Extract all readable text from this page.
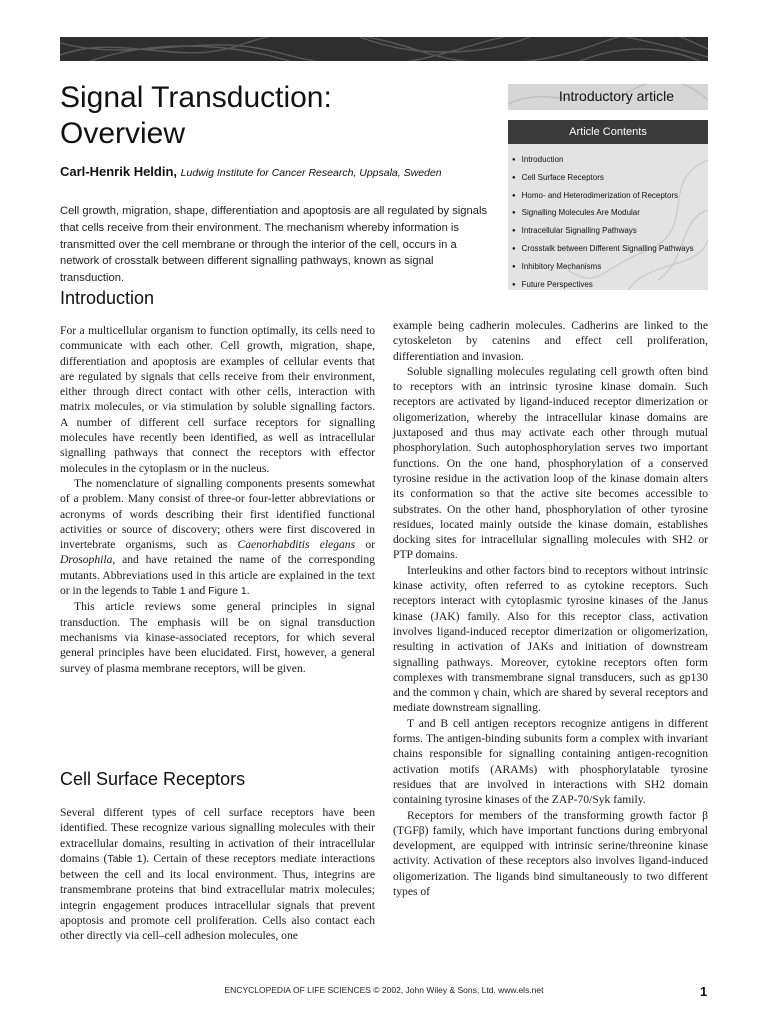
Signal Transduction:
Overview
Carl-Henrik Heldin, Ludwig Institute for Cancer Research, Uppsala, Sweden

Cell growth, migration, shape, differentiation and apoptosis are all regulated by signals that cells receive from their environment. The mechanism whereby information is transmitted over the cell membrane or through the interior of the cell, occurs in a network of crosstalk between different signalling pathways, known as signal transduction.

Introductory article
Article Contents
● Introduction
● Cell Surface Receptors
● Homo- and Heterodimerization of Receptors
● Signalling Molecules Are Modular
● Intracellular Signalling Pathways
● Crosstalk between Different Signalling Pathways
● Inhibitory Mechanisms
● Future Perspectives
Introduction

For a multicellular organism to function optimally, its cells need to communicate with each other. Cell growth, migration, shape, differentiation and apoptosis are examples of cellular events that are regulated by signals that cells receive from their environment, either through direct contact with other cells, interaction with matrix molecules, or via stimulation by soluble signalling factors. A number of different cell surface receptors for signalling molecules have recently been identified, as well as intracellular signalling pathways that connect the receptors with effector molecules in the cytoplasm or in the nucleus.

The nomenclature of signalling components presents somewhat of a problem. Many consist of three-or four-letter abbreviations or acronyms of words describing their first identified functional activities or source of discovery; others were first discovered in invertebrate organisms, such as Caenorhabditis elegans or Drosophila, and have retained the name of the corresponding mutants. Abbreviations used in this article are explained in the text or in the legends to Table 1 and Figure 1.

This article reviews some general principles in signal transduction. The emphasis will be on signal transduction mechanisms via kinase-associated receptors, for which several general principles have been elucidated. First, however, a general survey of plasma membrane receptors, will be given.

Cell Surface Receptors

Several different types of cell surface receptors have been identified. These recognize various signalling molecules with their extracellular domains, resulting in activation of their intracellular domains (Table 1). Certain of these receptors mediate interactions between the cell and its local environment. Thus, integrins are transmembrane proteins that bind extracellular matrix molecules; integrin engagement produces intracellular signals that prevent apoptosis and promote cell proliferation. Cells also contact each other directly via cell–cell adhesion molecules, one

example being cadherin molecules. Cadherins are linked to the cytoskeleton by catenins and effect cell proliferation, differentiation and invasion.

Soluble signalling molecules regulating cell growth often bind to receptors with an intrinsic tyrosine kinase domain. Such receptors are activated by ligand-induced receptor dimerization or oligomerization, whereby the intracellular kinase domains are juxtaposed and thus may activate each other through mutual phosphorylation. Such autophosphorylation serves two important functions. On the one hand, phosphorylation of a conserved tyrosine residue in the activation loop of the kinase domain alters its conformation so that the active site becomes accessible to substrates. On the other hand, phosphorylation of other tyrosine residues, located mainly outside the kinase domain, establishes docking sites for intracellular signalling molecules with SH2 or PTP domains.

Interleukins and other factors bind to receptors without intrinsic kinase activity, often referred to as cytokine receptors. Such receptors interact with cytoplasmic tyrosine kinases of the Janus kinase (JAK) family. Also for this receptor class, activation involves ligand-induced receptor dimerization or oligomerization, resulting in activation of JAKs and initiation of downstream signalling pathways. Moreover, cytokine receptors often form complexes with transmembrane signal transducers, such as gp130 and the common γ chain, which are shared by several receptors and mediate downstream signalling.

T and B cell antigen receptors recognize antigens in different forms. The antigen-binding subunits form a complex with invariant chains responsible for signalling containing antigen-recognition activation motifs (ARAMs) with phosphorylatable tyrosine residues that are involved in interactions with SH2 domain containing tyrosine kinases of the ZAP-70/Syk family.

Receptors for members of the transforming growth factor β (TGFβ) family, which have important functions during embryonal development, are equipped with intrinsic serine/threonine kinase activity. Activation of these receptors also involves ligand-induced oligomerization. The ligands bind simultaneously to two different types of

ENCYCLOPEDIA OF LIFE SCIENCES © 2002, John Wiley & Sons, Ltd. www.els.net	1
